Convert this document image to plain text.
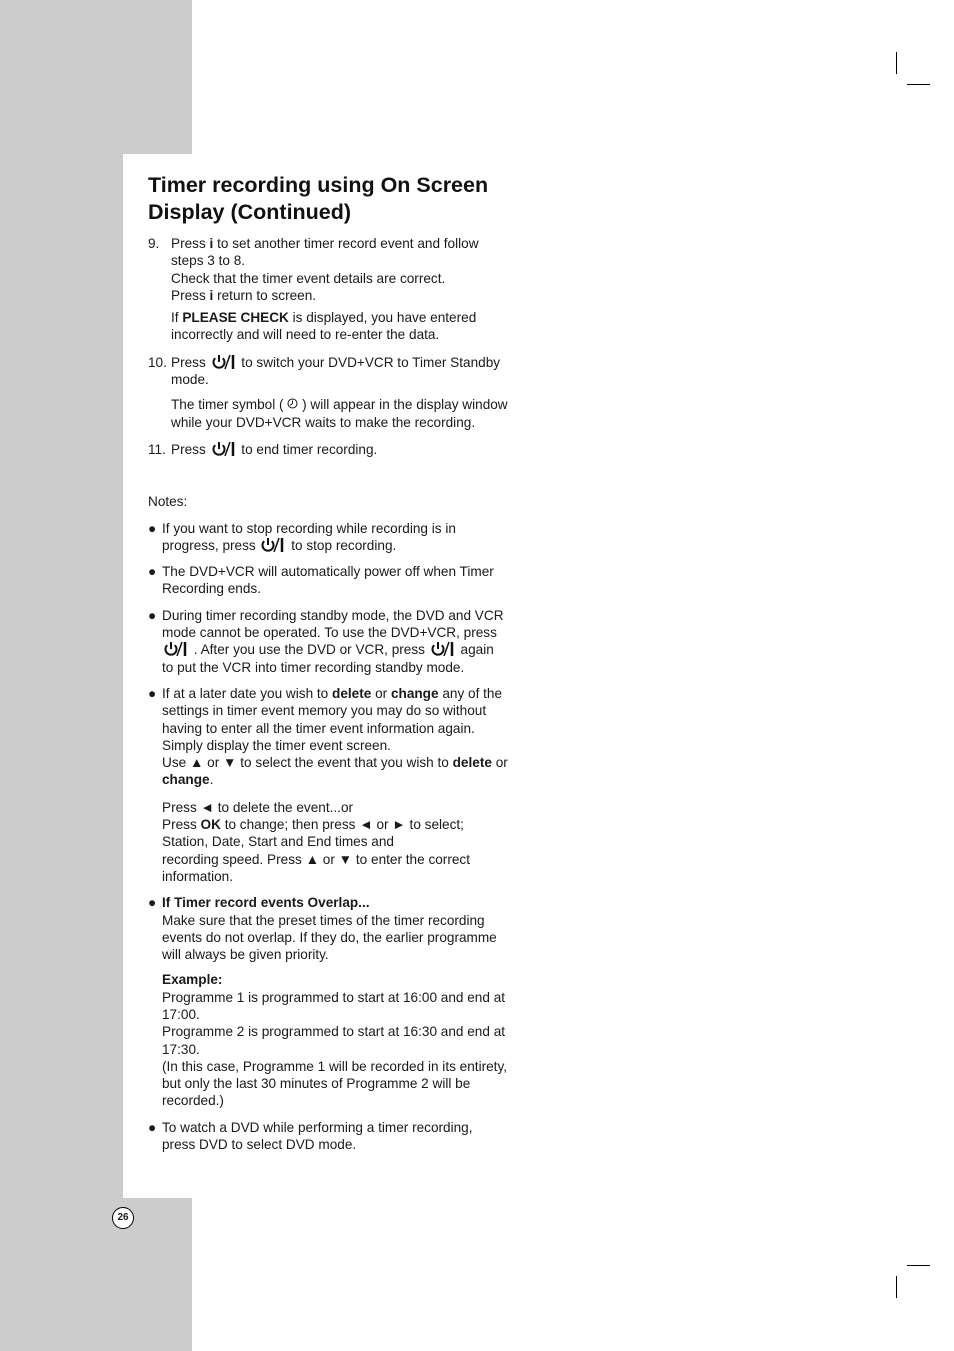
Timer recording using On Screen Display (Continued)
9. Press i to set another timer record event and follow steps 3 to 8.

Check that the timer event details are correct.

Press i return to screen.

If PLEASE CHECK is displayed, you have entered incorrectly and will need to re-enter the data.

10. Press  to switch your DVD+VCR to Timer Standby mode.

The timer symbol ( ) will appear in the display window while your DVD+VCR waits to make the recording.

11. Press  to end timer recording.

Notes:

● If you want to stop recording while recording is in progress, press  to stop recording.

● The DVD+VCR will automatically power off when Timer Recording ends.

● During timer recording standby mode, the DVD and VCR mode cannot be operated. To use the DVD+VCR, press  . After you use the DVD or VCR, press  again to put the VCR into timer recording standby mode.

● If at a later date you wish to delete or change any of the settings in timer event memory you may do so without having to enter all the timer event information again. Simply display the timer event screen.

Use ▲ or ▼ to select the event that you wish to delete or change.

Press ◄ to delete the event...or

Press OK to change; then press ◄ or ► to select; Station, Date, Start and End times and

recording speed. Press ▲ or ▼ to enter the correct information.

● If Timer record events Overlap...

Make sure that the preset times of the timer recording events do not overlap. If they do, the earlier programme will always be given priority.

Example:

Programme 1 is programmed to start at 16:00 and end at 17:00.

Programme 2 is programmed to start at 16:30 and end at 17:30.

(In this case, Programme 1 will be recorded in its entirety, but only the last 30 minutes of Programme 2 will be recorded.)

● To watch a DVD while performing a timer recording, press DVD to select DVD mode.

26
